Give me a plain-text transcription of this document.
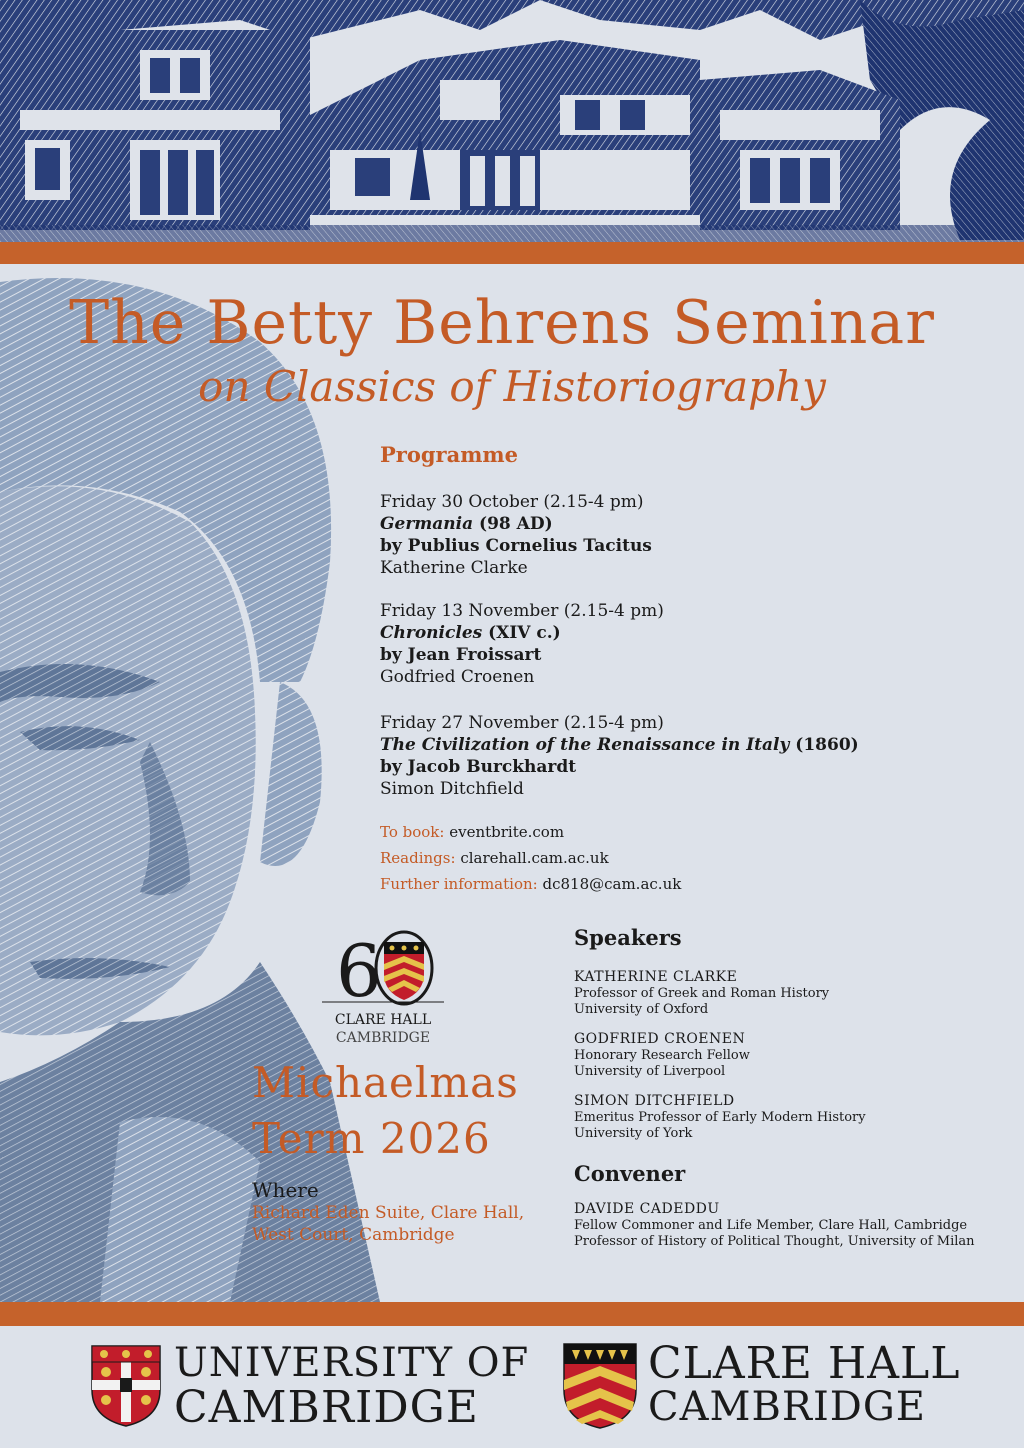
The Betty Behrens Seminar
on Classics of Historiography
Programme
Friday 30 October (2.15-4 pm)
Germania (98 AD)
by Publius Cornelius Tacitus
Katherine Clarke
Friday 13 November (2.15-4 pm)
Chronicles (XIV c.)
by Jean Froissart
Godfried Croenen
Friday 27 November (2.15-4 pm)
The Civilization of the Renaissance in Italy (1860)
by Jacob Burckhardt
Simon Ditchfield
To book: eventbrite.com
Readings: clarehall.cam.ac.uk
Further information: dc818@cam.ac.uk
6
CLARE HALL
CAMBRIDGE
Michaelmas
Term 2026
Where
Richard Eden Suite, Clare Hall,
West Court, Cambridge
Speakers
KATHERINE CLARKE
Professor of Greek and Roman History
University of Oxford
GODFRIED CROENEN
Honorary Research Fellow
University of Liverpool
SIMON DITCHFIELD
Emeritus Professor of Early Modern History
University of York
Convener
DAVIDE CADEDDU
Fellow Commoner and Life Member, Clare Hall, Cambridge
Professor of History of Political Thought, University of Milan
UNIVERSITY OF
CAMBRIDGE
CLARE HALL
CAMBRIDGE
